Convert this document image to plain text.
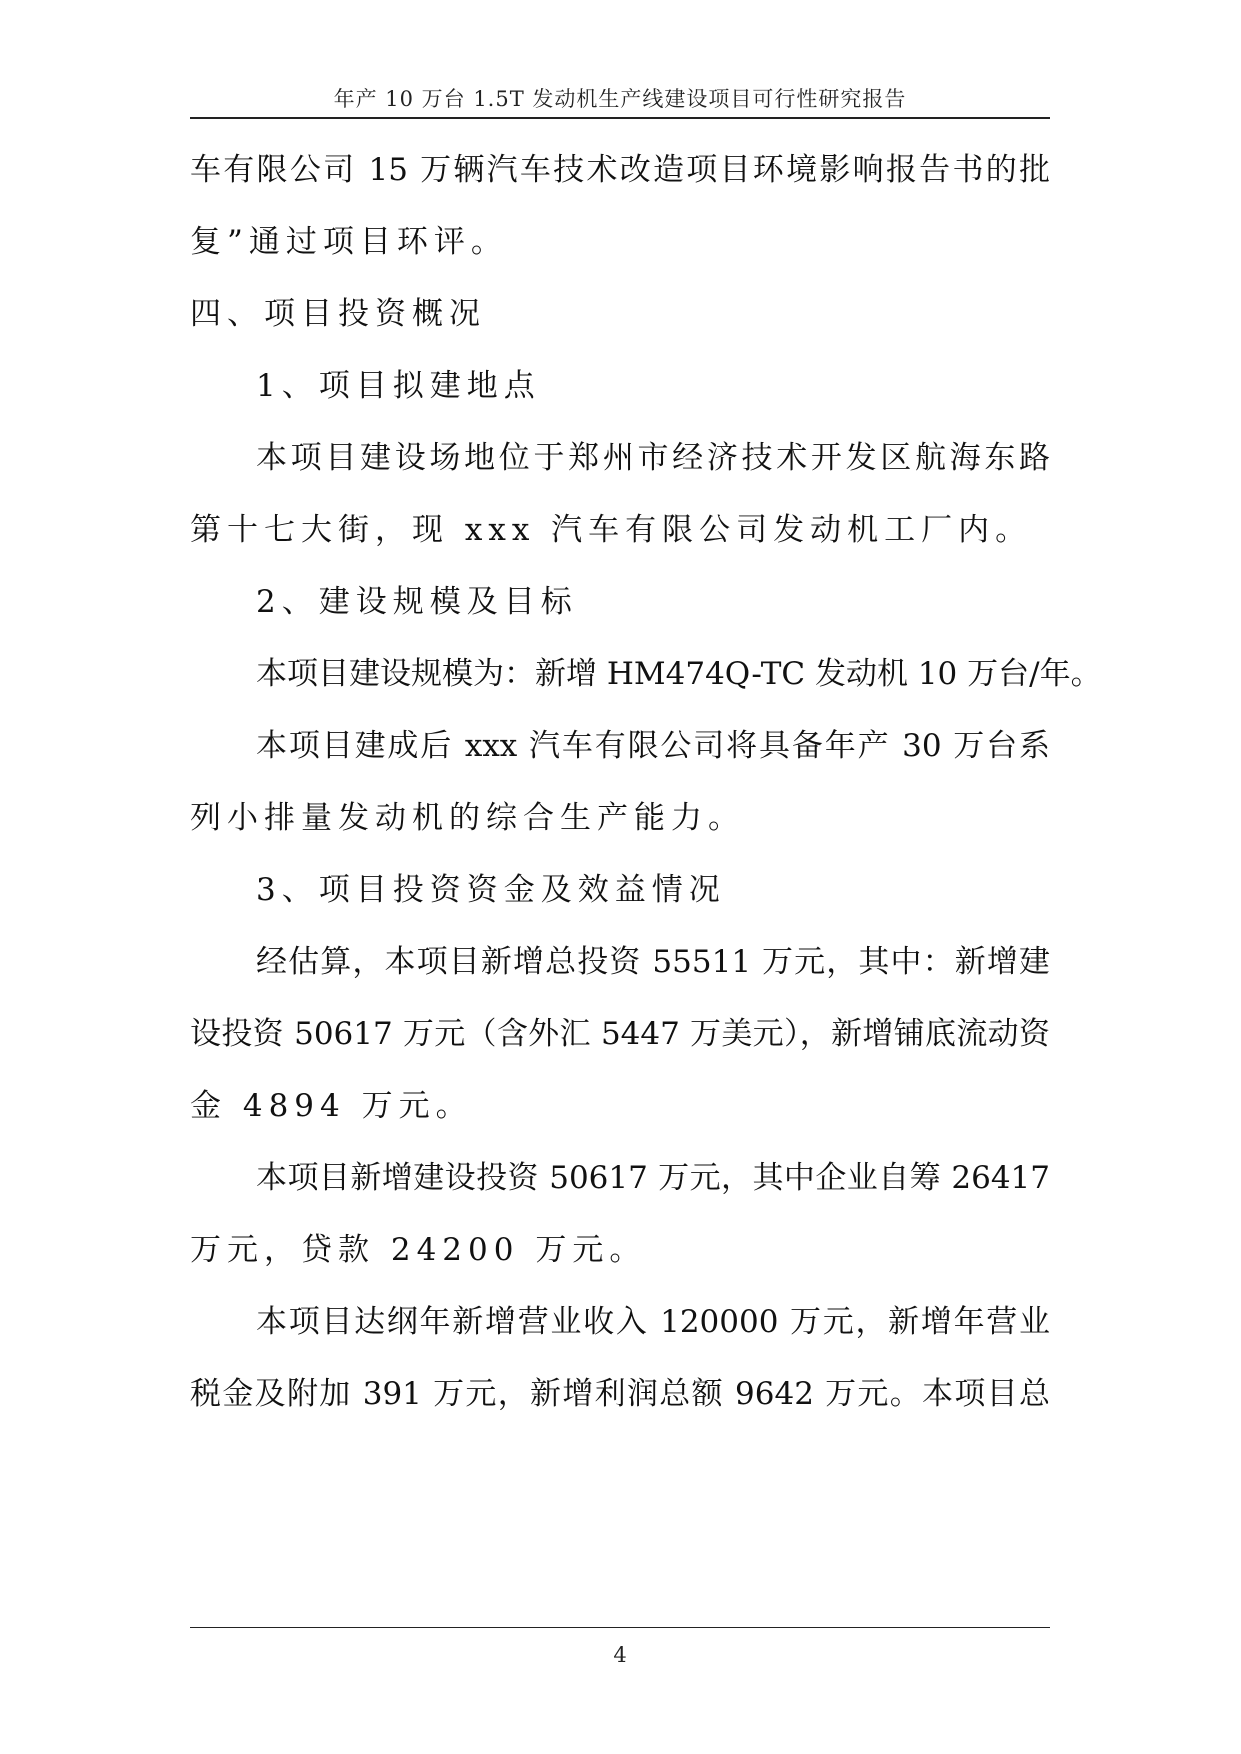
年产 10 万台 1.5T 发动机生产线建设项目可行性研究报告
车有限公司 15 万辆汽车技术改造项目环境影响报告书的批
复”通过项目环评。
四、项目投资概况
1、项目拟建地点
本项目建设场地位于郑州市经济技术开发区航海东路
第十七大街，现 xxx 汽车有限公司发动机工厂内。
2、建设规模及目标
本项目建设规模为：新增 HM474Q-TC 发动机 10 万台/年。
本项目建成后 xxx 汽车有限公司将具备年产 30 万台系
列小排量发动机的综合生产能力。
3、项目投资资金及效益情况
经估算，本项目新增总投资 55511 万元，其中：新增建
设投资 50617 万元（含外汇 5447 万美元），新增铺底流动资
金 4894 万元。
本项目新增建设投资 50617 万元，其中企业自筹 26417
万元，贷款 24200 万元。
本项目达纲年新增营业收入 120000 万元，新增年营业
税金及附加 391 万元，新增利润总额 9642 万元。本项目总
4
